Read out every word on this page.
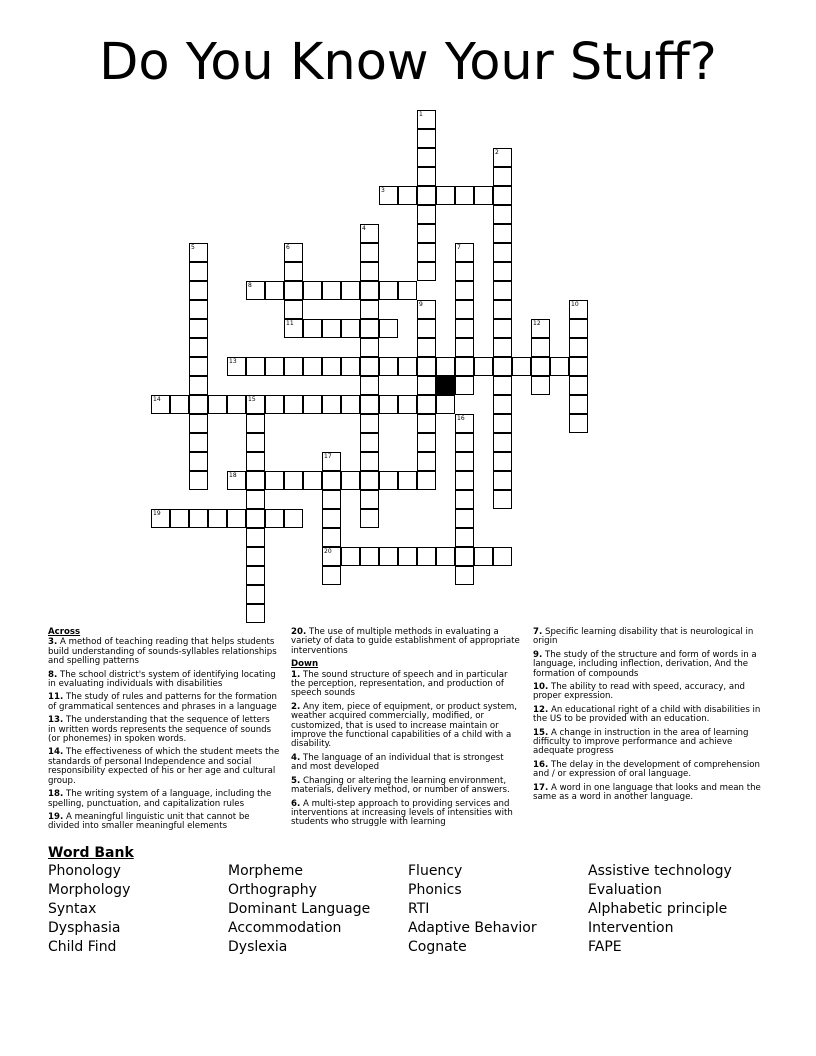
Do You Know Your Stuff?
3
8
11
13
14	15
18
19
20
1
2
4
5	6	7
9	10
12
16
17
Across
3. A method of teaching reading that helps students build understanding of sounds-syllables relationships and spelling patterns
8. The school district's system of identifying locating in evaluating individuals with disabilities
11. The study of rules and patterns for the formation of grammatical sentences and phrases in a language
13. The understanding that the sequence of letters in written words represents the sequence of sounds (or phonemes) in spoken words.
14. The effectiveness of which the student meets the standards of personal Independence and social responsibility expected of his or her age and cultural group.
18. The writing system of a language, including the spelling, punctuation, and capitalization rules
19. A meaningful linguistic unit that cannot be divided into smaller meaningful elements
20. The use of multiple methods in evaluating a variety of data to guide establishment of appropriate interventions
Down
1. The sound structure of speech and in particular the perception, representation, and production of speech sounds
2. Any item, piece of equipment, or product system, weather acquired commercially, modified, or customized, that is used to increase maintain or improve the functional capabilities of a child with a disability.
4. The language of an individual that is strongest and most developed
5. Changing or altering the learning environment, materials, delivery method, or number of answers.
6. A multi-step approach to providing services and interventions at increasing levels of intensities with students who struggle with learning
7. Specific learning disability that is neurological in origin
9. The study of the structure and form of words in a language, including inflection, derivation, And the formation of compounds
10. The ability to read with speed, accuracy, and proper expression.
12. An educational right of a child with disabilities in the US to be provided with an education.
15. A change in instruction in the area of learning difficulty to improve performance and achieve adequate progress
16. The delay in the development of comprehension and / or expression of oral language.
17. A word in one language that looks and mean the same as a word in another language.
Word Bank
Phonology	Morpheme	Fluency	Assistive technology
Morphology	Orthography	Phonics	Evaluation
Syntax	Dominant Language	RTI	Alphabetic principle
Dysphasia	Accommodation	Adaptive Behavior	Intervention
Child Find	Dyslexia	Cognate	FAPE
